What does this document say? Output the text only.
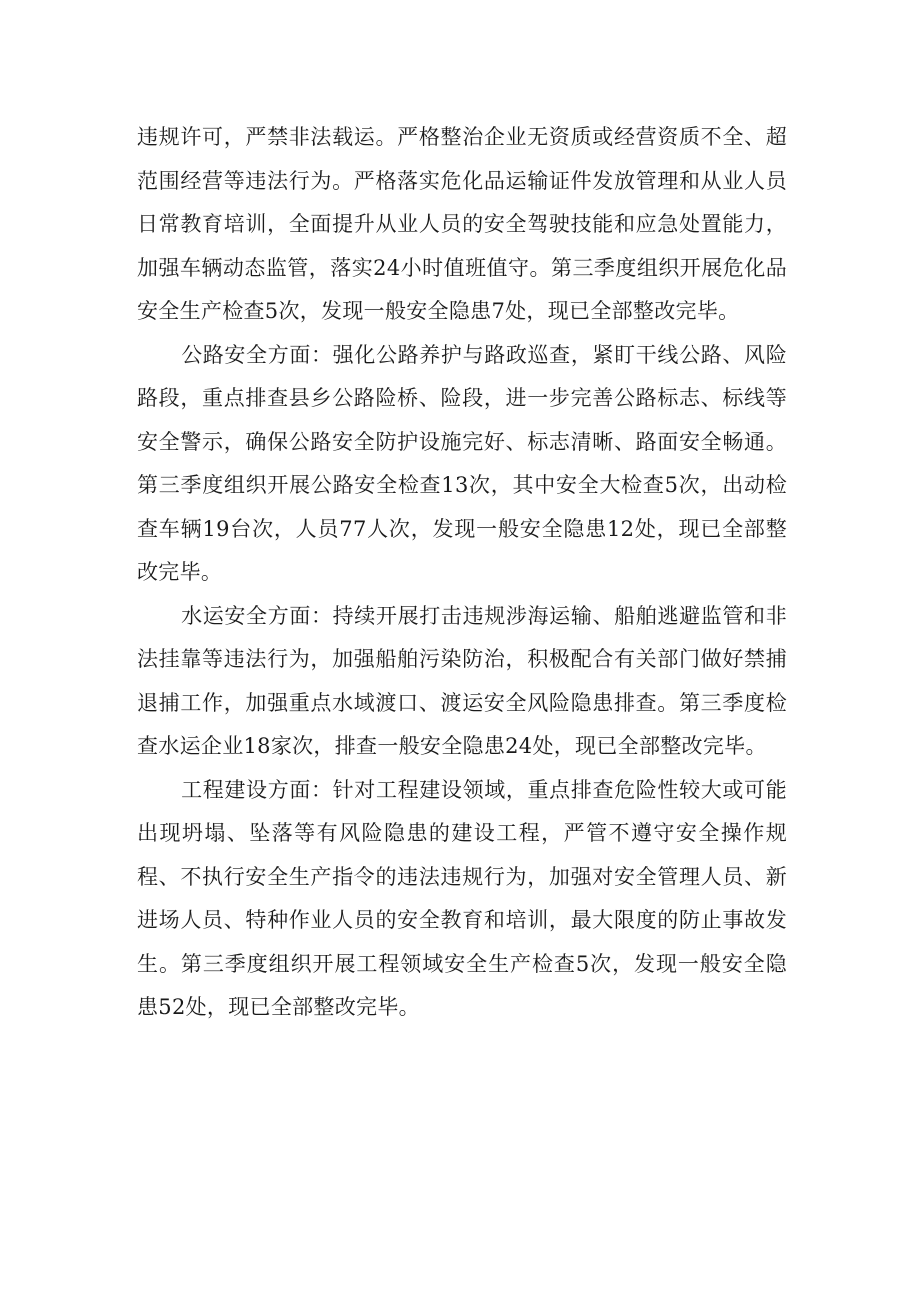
违规许可，严禁非法载运。严格整治企业无资质或经营资质不全、超范围经营等违法行为。严格落实危化品运输证件发放管理和从业人员日常教育培训，全面提升从业人员的安全驾驶技能和应急处置能力，加强车辆动态监管，落实24小时值班值守。第三季度组织开展危化品安全生产检查5次，发现一般安全隐患7处，现已全部整改完毕。

公路安全方面：强化公路养护与路政巡查，紧盯干线公路、风险路段，重点排查县乡公路险桥、险段，进一步完善公路标志、标线等安全警示，确保公路安全防护设施完好、标志清晰、路面安全畅通。第三季度组织开展公路安全检查13次，其中安全大检查5次，出动检查车辆19台次，人员77人次，发现一般安全隐患12处，现已全部整改完毕。

水运安全方面：持续开展打击违规涉海运输、船舶逃避监管和非法挂靠等违法行为，加强船舶污染防治，积极配合有关部门做好禁捕退捕工作，加强重点水域渡口、渡运安全风险隐患排查。第三季度检查水运企业18家次，排查一般安全隐患24处，现已全部整改完毕。

工程建设方面：针对工程建设领域，重点排查危险性较大或可能出现坍塌、坠落等有风险隐患的建设工程，严管不遵守安全操作规程、不执行安全生产指令的违法违规行为，加强对安全管理人员、新进场人员、特种作业人员的安全教育和培训，最大限度的防止事故发生。第三季度组织开展工程领域安全生产检查5次，发现一般安全隐患52处，现已全部整改完毕。
